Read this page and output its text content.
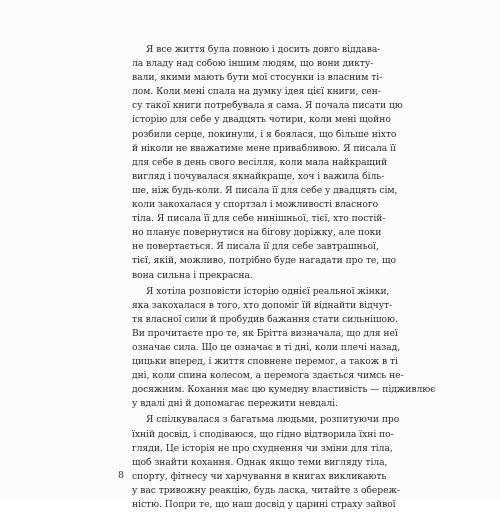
Я все життя була повною і досить довго віддава-
ла владу над собою іншим людям, що вони дикту-
вали, якими мають бути мої стосунки із власним ті-
лом. Коли мені спала на думку ідея цієї книги, сен-
су такої книги потребувала я сама. Я почала писати цю
історію для себе у двадцять чотири, коли мені щойно
розбили серце, покинули, і я боялася, що більше ніхто
й ніколи не вважатиме мене привабливою. Я писала її
для себе в день свого весілля, коли мала найкращий
вигляд і почувалася якнайкраще, хоч і важила біль-
ше, ніж будь-коли. Я писала її для себе у двадцять сім,
коли закохалася у спортзал і можливості власного
тіла. Я писала її для себе нинішньої, тієї, хто постій-
но планує повернутися на бігову доріжку, але поки
не повертається. Я писала її для себе завтрашньої,
тієї, якій, можливо, потрібно буде нагадати про те, що
вона сильна і прекрасна.
Я хотіла розповісти історію однієї реальної жінки,
яка закохалася в того, хто допоміг їй віднайти відчут-
тя власної сили й пробудив бажання стати сильнішою.
Ви прочитаєте про те, як Брітта визначала, що для неї
означає сила. Що це означає в ті дні, коли плечі назад,
цицьки вперед, і життя сповнене перемог, а також в ті
дні, коли спина колесом, а перемога здається чимсь не-
досяжним. Кохання має цю кумедну властивість — підживлює
у вдалі дні й допомагає пережити невдалі.
Я спілкувалася з багатьма людьми, розпитуючи про
їхній досвід, і сподіваюся, що гідно відтворила їхні по-
гляди. Це історія не про схуднення чи зміни для тіла,
щоб знайти кохання. Однак якщо теми вигляду тіла,
спорту, фітнесу чи харчування в книгах викликають
у вас тривожну реакцію, будь ласка, читайте з обереж-
ністю. Попри те, що наш досвід у царині страху зайвої
8
